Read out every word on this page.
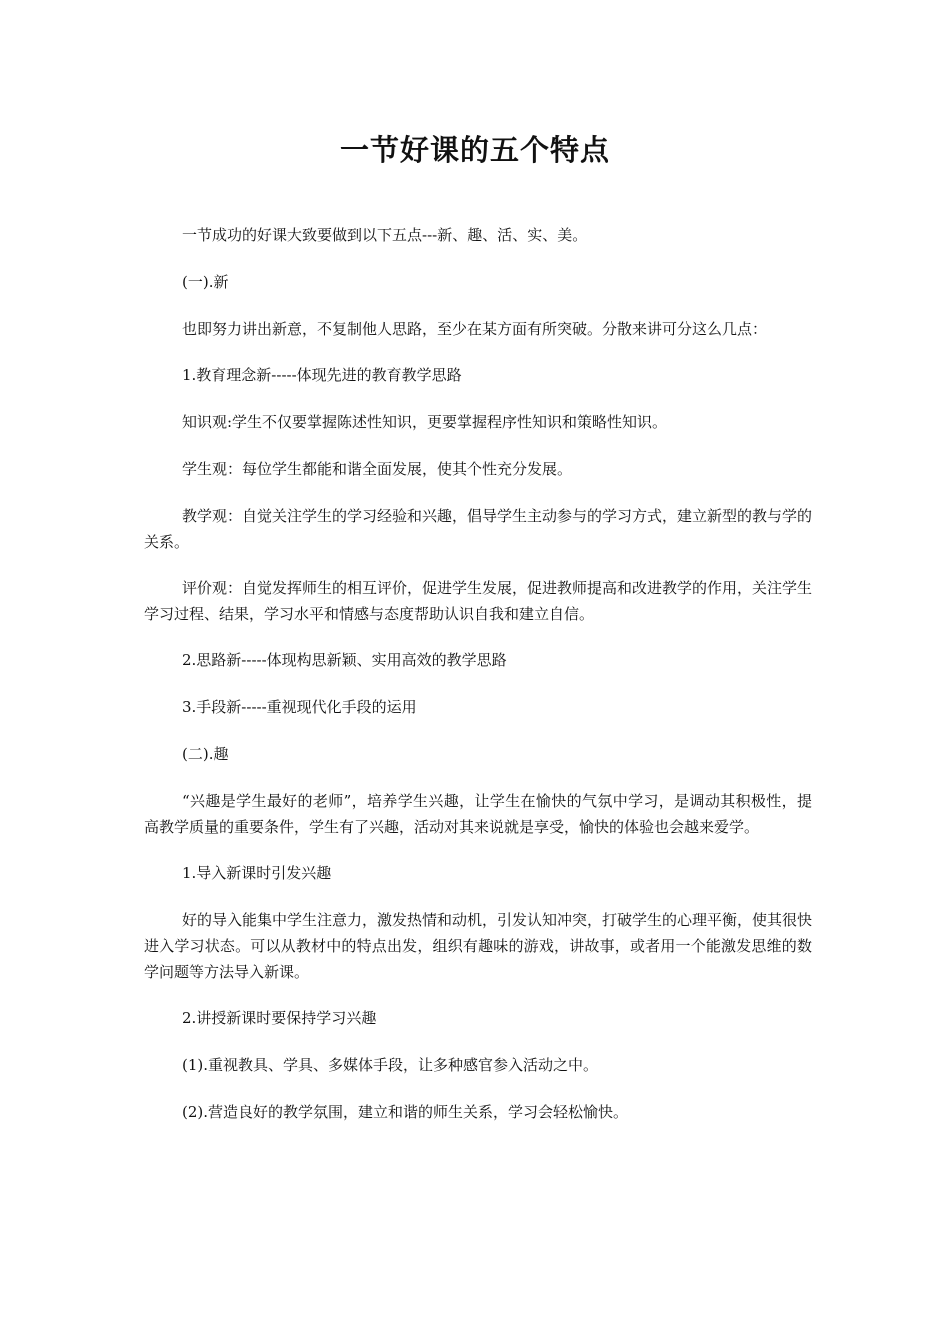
一节好课的五个特点

一节成功的好课大致要做到以下五点---新、趣、活、实、美。

(一).新

也即努力讲出新意，不复制他人思路，至少在某方面有所突破。分散来讲可分这么几点：

1.教育理念新-----体现先进的教育教学思路

知识观:学生不仅要掌握陈述性知识，更要掌握程序性知识和策略性知识。

学生观：每位学生都能和谐全面发展，使其个性充分发展。

教学观：自觉关注学生的学习经验和兴趣，倡导学生主动参与的学习方式，建立新型的教与学的关系。

评价观：自觉发挥师生的相互评价，促进学生发展，促进教师提高和改进教学的作用，关注学生学习过程、结果，学习水平和情感与态度帮助认识自我和建立自信。

2.思路新-----体现构思新颖、实用高效的教学思路

3.手段新-----重视现代化手段的运用

(二).趣

“兴趣是学生最好的老师”，培养学生兴趣，让学生在愉快的气氛中学习，是调动其积极性，提高教学质量的重要条件，学生有了兴趣，活动对其来说就是享受，愉快的体验也会越来爱学。

1.导入新课时引发兴趣

好的导入能集中学生注意力，激发热情和动机，引发认知冲突，打破学生的心理平衡，使其很快进入学习状态。可以从教材中的特点出发，组织有趣味的游戏，讲故事，或者用一个能激发思维的数学问题等方法导入新课。

2.讲授新课时要保持学习兴趣

(1).重视教具、学具、多媒体手段，让多种感官参入活动之中。

(2).营造良好的教学氛围，建立和谐的师生关系，学习会轻松愉快。
